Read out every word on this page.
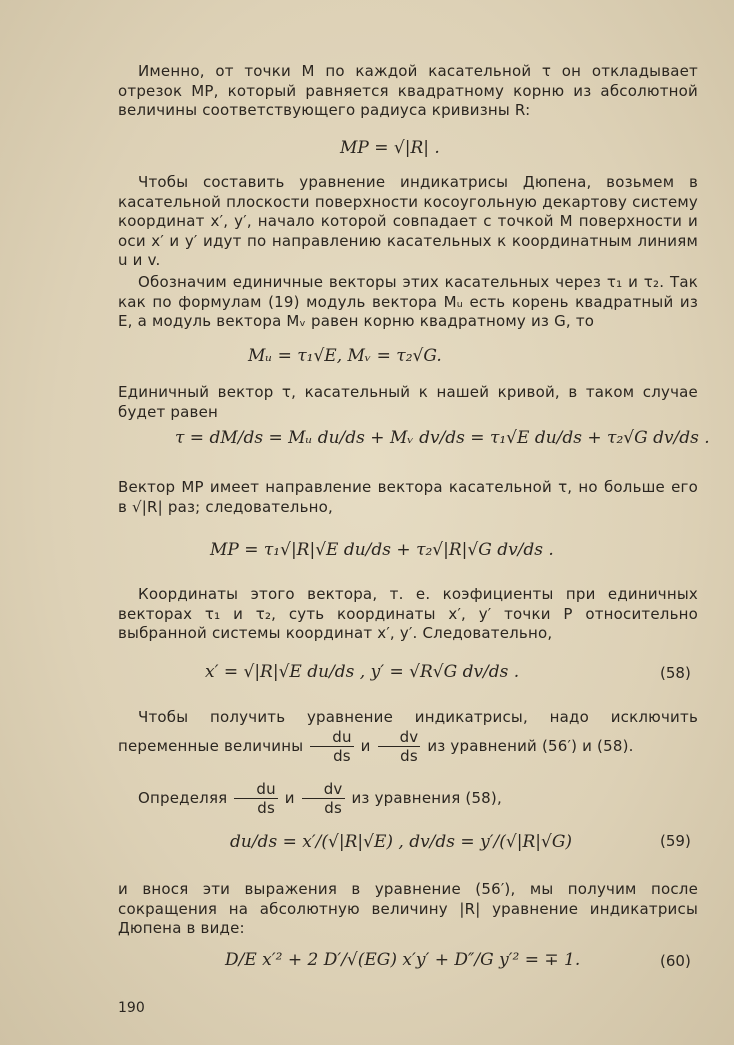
Именно, от точки M по каждой касательной τ он откладывает отрезок MP, который равняется квадратному корню из абсолютной величины соответствующего радиуса кривизны R:
MP = √|R| .
Чтобы составить уравнение индикатрисы Дюпена, возьмем в касательной плоскости поверхности косоугольную декартову систему координат x′, y′, начало которой совпадает с точкой M поверхности и оси x′ и y′ идут по направлению касательных к координатным линиям u и v.
Обозначим единичные векторы этих касательных через τ₁ и τ₂. Так как по формулам (19) модуль вектора Mᵤ есть корень квадратный из E, а модуль вектора Mᵥ равен корню квадратному из G, то
Mᵤ = τ₁√E, Mᵥ = τ₂√G.
Единичный вектор τ, касательный к нашей кривой, в таком случае будет равен
τ = dM/ds = Mᵤ du/ds + Mᵥ dv/ds = τ₁√E du/ds + τ₂√G dv/ds .
Вектор MP имеет направление вектора касательной τ, но больше его в √|R| раз; следовательно,
MP = τ₁√|R|√E du/ds + τ₂√|R|√G dv/ds .
Координаты этого вектора, т. е. коэфициенты при единичных векторах τ₁ и τ₂, суть координаты x′, y′ точки P относительно выбранной системы координат x′, y′. Следовательно,
x′ = √|R|√E du/ds , y′ = √R√G dv/ds .	(58)
Чтобы получить уравнение индикатрисы, надо исключить переменные величины $\frac{du}{ds}$ и $\frac{dv}{ds}$ из уравнений (56′) и (58).
Определяя $\frac{du}{ds}$ и $\frac{dv}{ds}$ из уравнения (58),
du/ds = x′/(√|R|√E) , dv/ds = y′/(√|R|√G)	(59)
и внося эти выражения в уравнение (56′), мы получим после сокращения на абсолютную величину |R| уравнение индикатрисы Дюпена в виде:
D/E x′² + 2 D′/√(EG) x′y′ + D″/G y′² = ∓ 1.	(60)
190
